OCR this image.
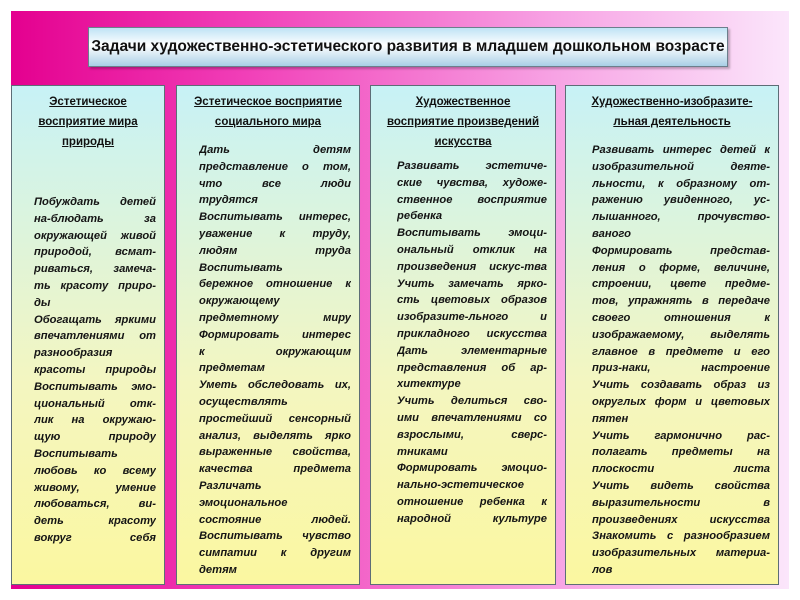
Задачи художественно-эстетического развития в младшем дошкольном возрасте
Эстетическое
восприятие мира
природы
Побуждать детей
на-блюдать за
окружающей живой
природой, всмат-
риваться, замеча-
ть красоту приро-
ды
Обогащать яркими
впечатлениями от
разнообразия
красоты природы
Воспитывать эмо-
циональный отк-
лик на окружаю-
щую природу
Воспитывать
любовь ко всему
живому, умение
любоваться, ви-
деть красоту
вокруг себя
Эстетическое восприятие
социального мира
Дать детям
представление о том,
что все люди
трудятся
Воспитывать интерес,
уважение к труду,
людям труда
Воспитывать
бережное отношение к
окружающему
предметному миру
Формировать интерес
к окружающим
предметам
Уметь обследовать их,
осуществлять
простейший сенсорный
анализ, выделять ярко
выраженные свойства,
качества предмета
Различать
эмоциональное
состояние людей.
Воспитывать чувство
симпатии к другим
детям
Художественное
восприятие произведений
искусства
Развивать эстетиче-
ские чувства, художе-
ственное восприятие
ребенка
Воспитывать эмоци-
ональный отклик на
произведения искус-тва
Учить замечать ярко-
сть цветовых образов
изобразите-льного и
прикладного искусства
Дать элементарные
представления об ар-
хитектуре
Учить делиться сво-
ими впечатлениями со
взрослыми, сверс-
тниками
Формировать эмоцио-
нально-эстетическое
отношение ребенка к
народной культуре
Художественно-изобразите-
льная деятельность
Развивать интерес детей к
изобразительной деяте-
льности, к образному от-
ражению увиденного, ус-
лышанного, прочувство-
ваного
Формировать представ-
ления о форме, величине,
строении, цвете предме-
тов, упражнять в передаче
своего отношения к
изображаемому, выделять
главное в предмете и его
приз-наки, настроение
Учить создавать образ из
округлых форм и цветовых
пятен
Учить гармонично рас-
полагать предметы на
плоскости листа
Учить видеть свойства
выразительности в
произведениях искусства
Знакомить с разнообразием
изобразительных материа-
лов
